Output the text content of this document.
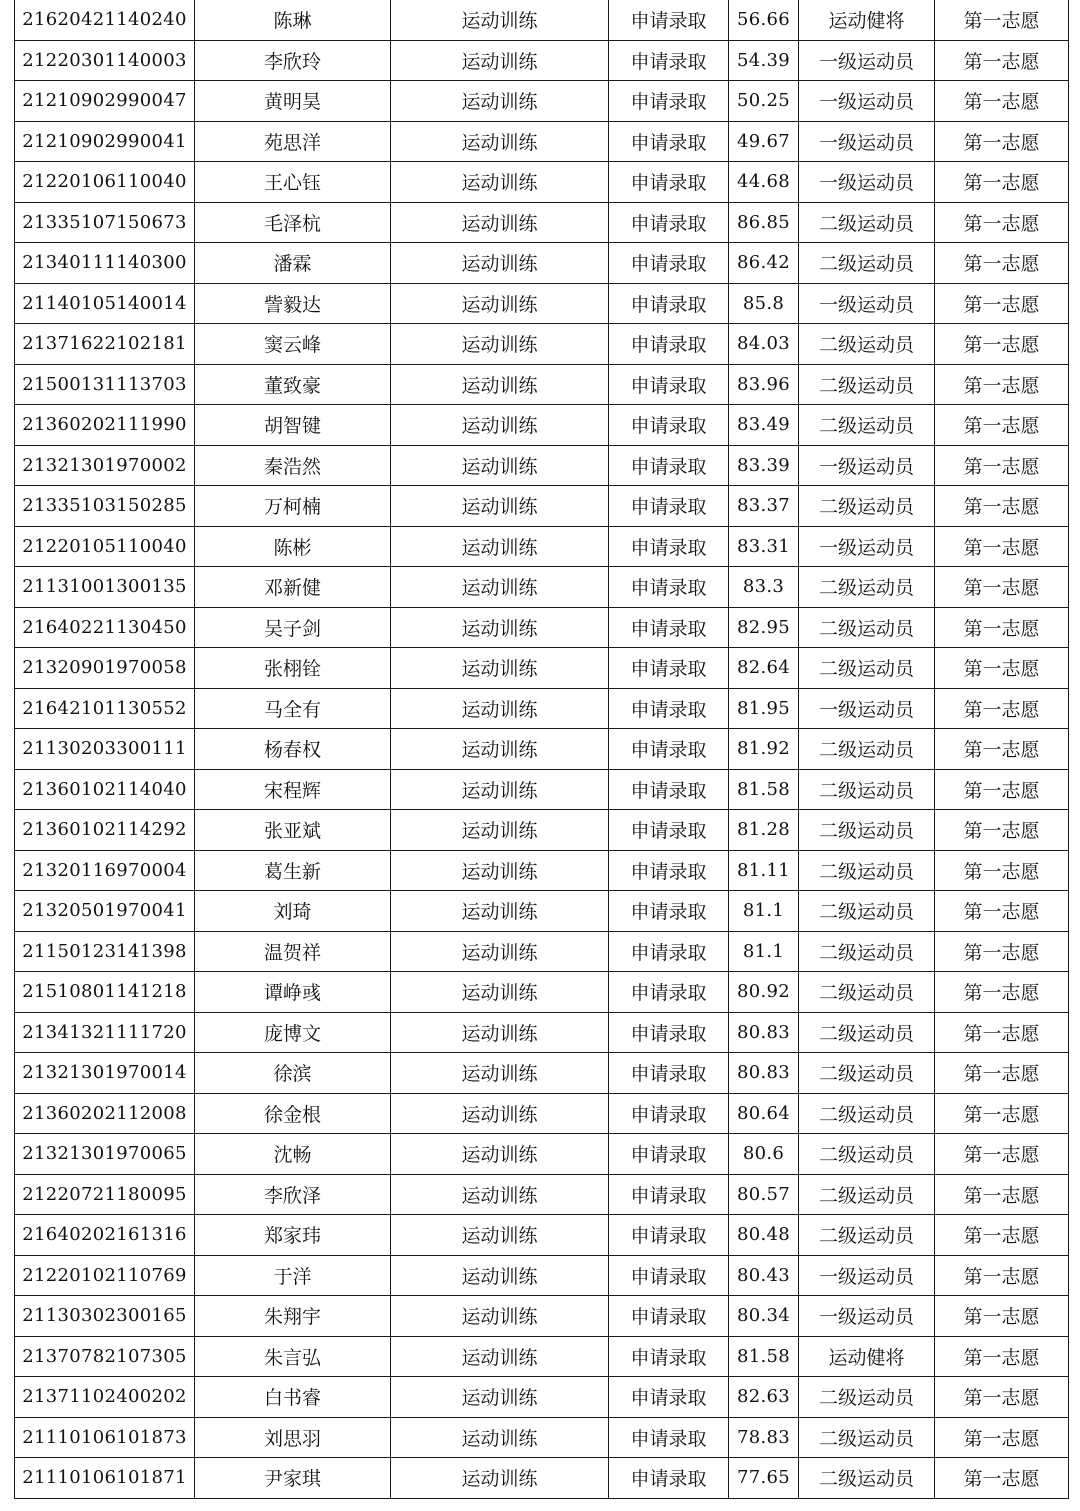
21620421140240	陈琳	运动训练	申请录取	56.66	运动健将	第一志愿
21220301140003	李欣玲	运动训练	申请录取	54.39	一级运动员	第一志愿
21210902990047	黄明昊	运动训练	申请录取	50.25	一级运动员	第一志愿
21210902990041	苑思洋	运动训练	申请录取	49.67	一级运动员	第一志愿
21220106110040	王心钰	运动训练	申请录取	44.68	一级运动员	第一志愿
21335107150673	毛泽杭	运动训练	申请录取	86.85	二级运动员	第一志愿
21340111140300	潘霖	运动训练	申请录取	86.42	二级运动员	第一志愿
21140105140014	訾毅达	运动训练	申请录取	85.8	一级运动员	第一志愿
21371622102181	窦云峰	运动训练	申请录取	84.03	二级运动员	第一志愿
21500131113703	董致豪	运动训练	申请录取	83.96	二级运动员	第一志愿
21360202111990	胡智键	运动训练	申请录取	83.49	二级运动员	第一志愿
21321301970002	秦浩然	运动训练	申请录取	83.39	一级运动员	第一志愿
21335103150285	万柯楠	运动训练	申请录取	83.37	二级运动员	第一志愿
21220105110040	陈彬	运动训练	申请录取	83.31	一级运动员	第一志愿
21131001300135	邓新健	运动训练	申请录取	83.3	二级运动员	第一志愿
21640221130450	吴子剑	运动训练	申请录取	82.95	二级运动员	第一志愿
21320901970058	张栩铨	运动训练	申请录取	82.64	二级运动员	第一志愿
21642101130552	马全有	运动训练	申请录取	81.95	一级运动员	第一志愿
21130203300111	杨春权	运动训练	申请录取	81.92	二级运动员	第一志愿
21360102114040	宋程辉	运动训练	申请录取	81.58	二级运动员	第一志愿
21360102114292	张亚斌	运动训练	申请录取	81.28	二级运动员	第一志愿
21320116970004	葛生新	运动训练	申请录取	81.11	二级运动员	第一志愿
21320501970041	刘琦	运动训练	申请录取	81.1	二级运动员	第一志愿
21150123141398	温贺祥	运动训练	申请录取	81.1	二级运动员	第一志愿
21510801141218	谭峥彧	运动训练	申请录取	80.92	二级运动员	第一志愿
21341321111720	庞博文	运动训练	申请录取	80.83	二级运动员	第一志愿
21321301970014	徐滨	运动训练	申请录取	80.83	二级运动员	第一志愿
21360202112008	徐金根	运动训练	申请录取	80.64	二级运动员	第一志愿
21321301970065	沈畅	运动训练	申请录取	80.6	二级运动员	第一志愿
21220721180095	李欣泽	运动训练	申请录取	80.57	二级运动员	第一志愿
21640202161316	郑家玮	运动训练	申请录取	80.48	二级运动员	第一志愿
21220102110769	于洋	运动训练	申请录取	80.43	一级运动员	第一志愿
21130302300165	朱翔宇	运动训练	申请录取	80.34	一级运动员	第一志愿
21370782107305	朱言弘	运动训练	申请录取	81.58	运动健将	第一志愿
21371102400202	白书睿	运动训练	申请录取	82.63	二级运动员	第一志愿
21110106101873	刘思羽	运动训练	申请录取	78.83	二级运动员	第一志愿
21110106101871	尹家琪	运动训练	申请录取	77.65	二级运动员	第一志愿
